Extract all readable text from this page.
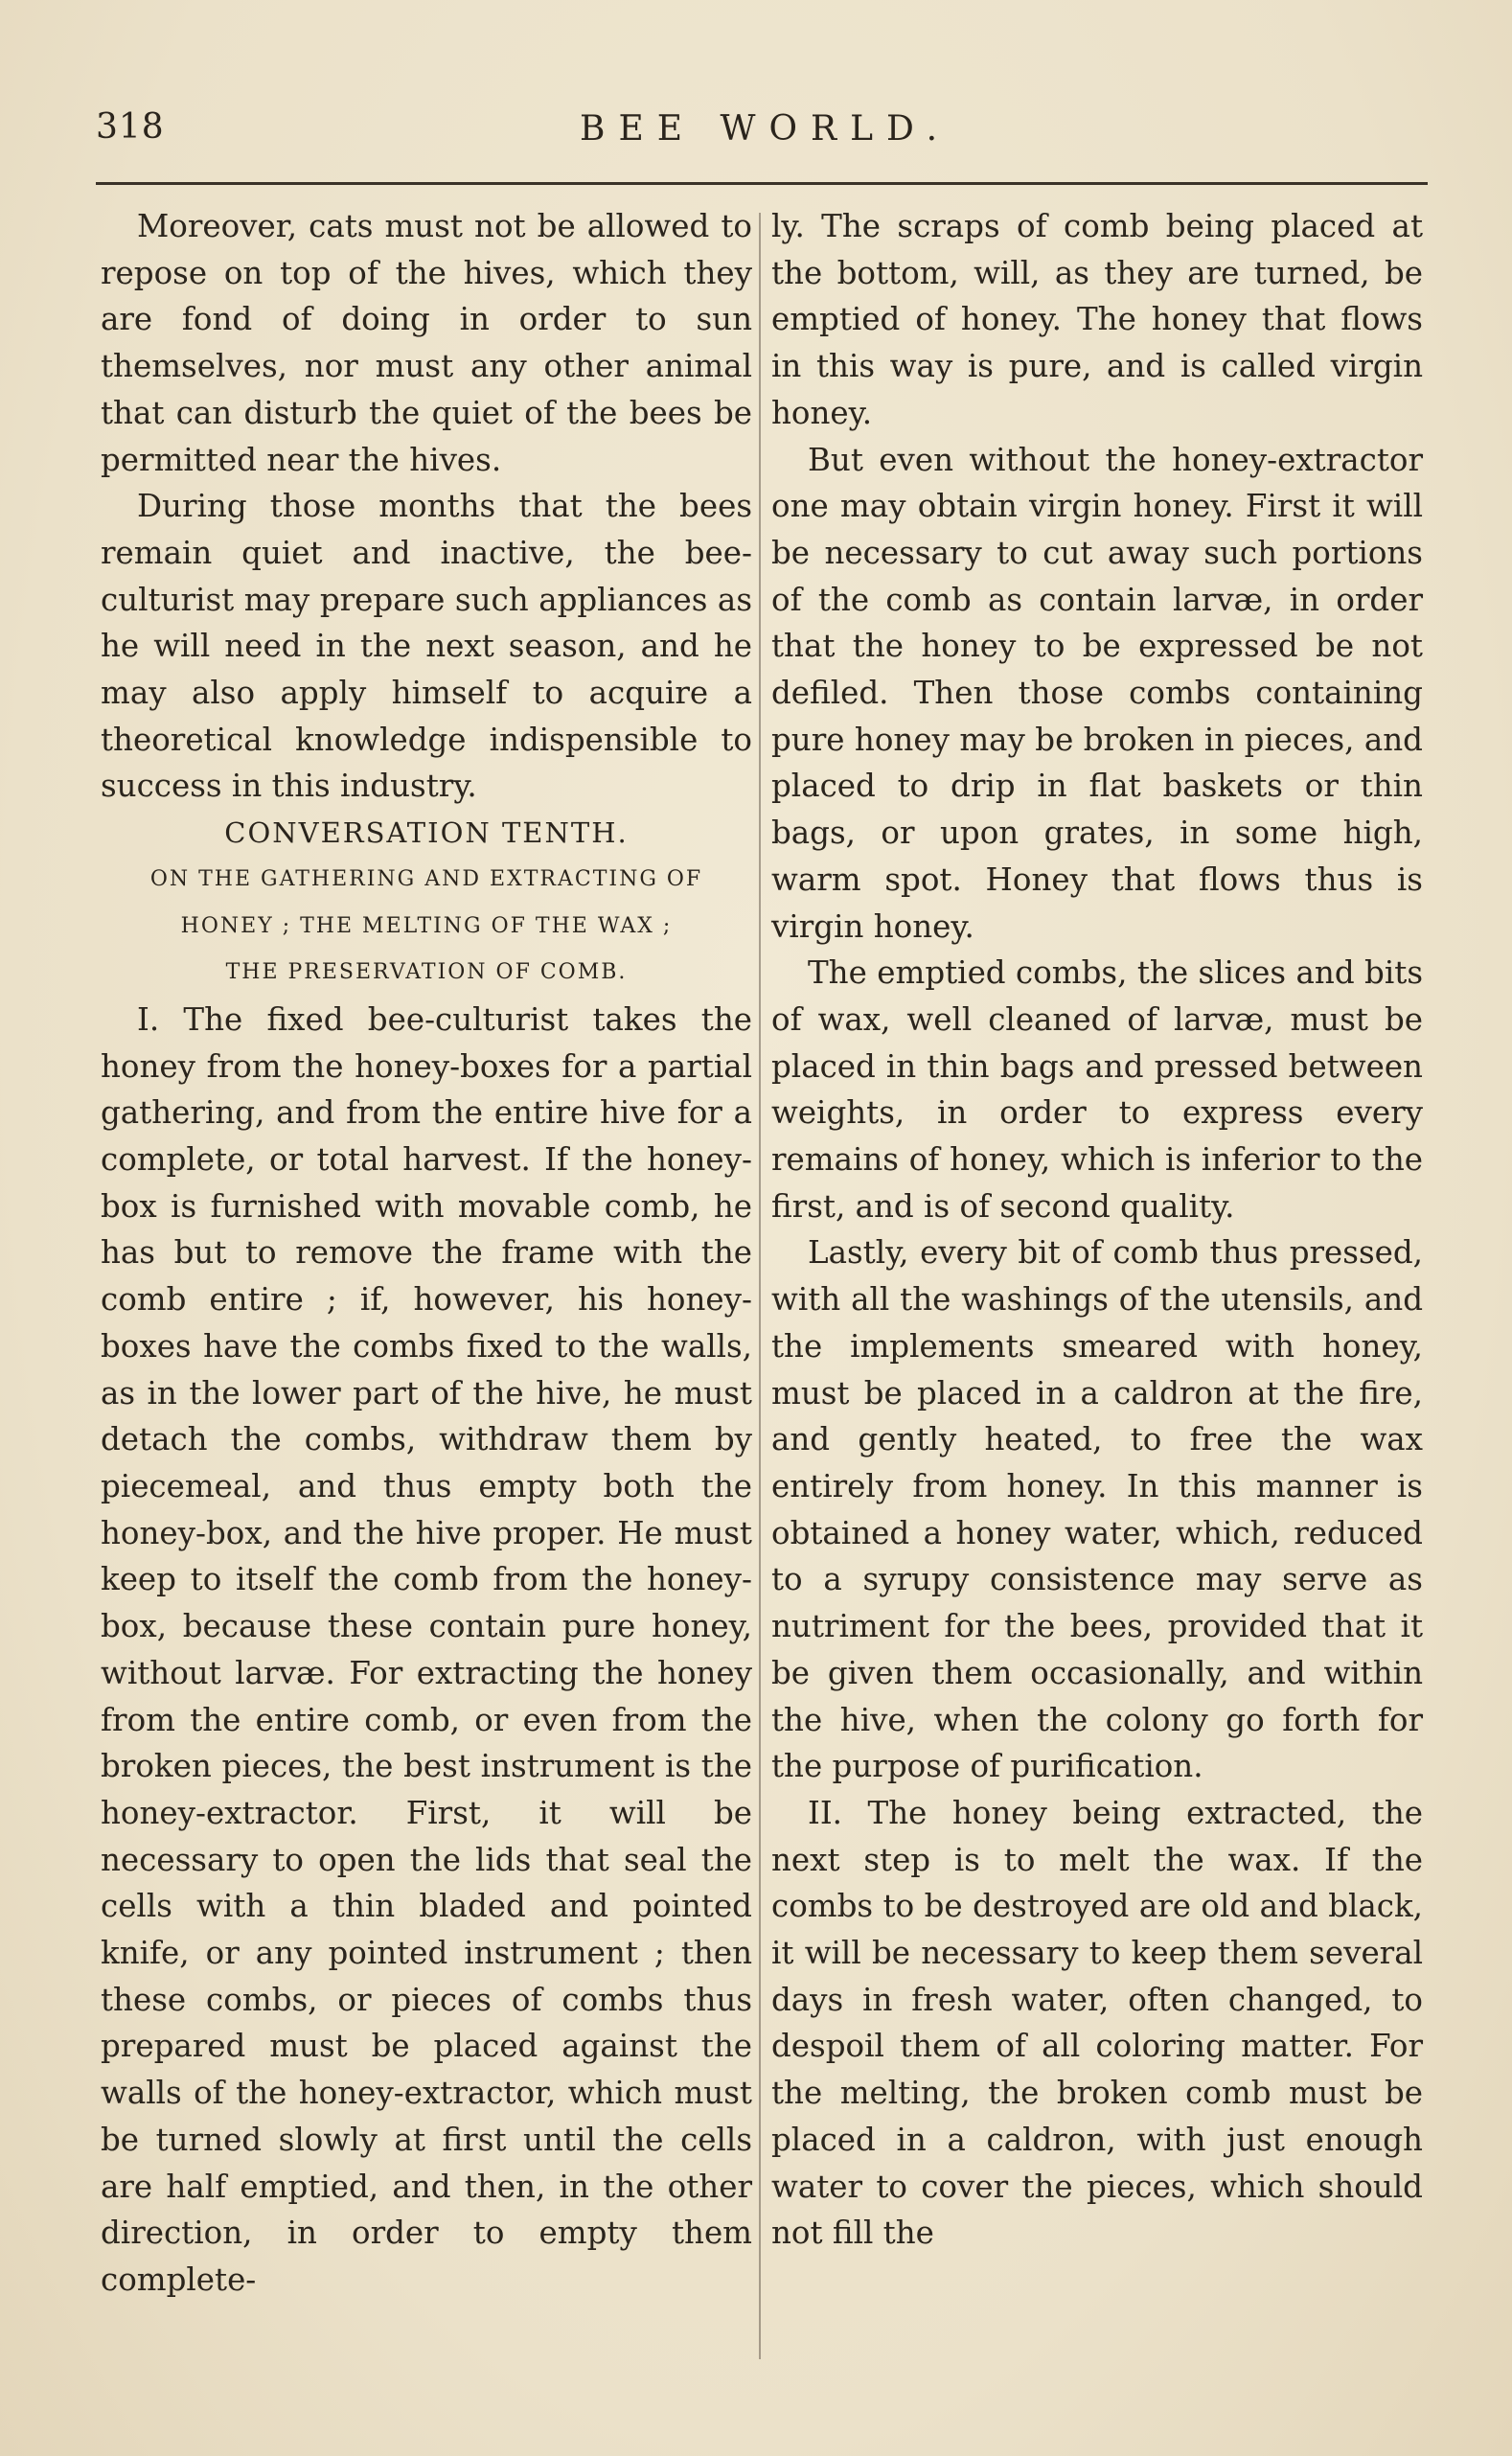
318	BEE WORLD.

Moreover, cats must not be allowed to repose on top of the hives, which they are fond of doing in order to sun themselves, nor must any other animal that can disturb the quiet of the bees be permitted near the hives.

During those months that the bees remain quiet and inactive, the bee-culturist may prepare such appliances as he will need in the next season, and he may also apply himself to acquire a theoretical knowledge indispensible to success in this industry.

CONVERSATION TENTH.

ON THE GATHERING AND EXTRACTING OF

HONEY ; THE MELTING OF THE WAX ;

THE PRESERVATION OF COMB.

I. The fixed bee-culturist takes the honey from the honey-boxes for a partial gathering, and from the entire hive for a complete, or total harvest. If the honey-box is furnished with movable comb, he has but to remove the frame with the comb entire ; if, however, his honey-boxes have the combs fixed to the walls, as in the lower part of the hive, he must detach the combs, withdraw them by piecemeal, and thus empty both the honey-box, and the hive proper. He must keep to itself the comb from the honey-box, because these contain pure honey, without larvæ. For extracting the honey from the entire comb, or even from the broken pieces, the best instrument is the honey-extractor. First, it will be necessary to open the lids that seal the cells with a thin bladed and pointed knife, or any pointed instrument ; then these combs, or pieces of combs thus prepared must be placed against the walls of the honey-extractor, which must be turned slowly at first until the cells are half emptied, and then, in the other direction, in order to empty them complete-

ly. The scraps of comb being placed at the bottom, will, as they are turned, be emptied of honey. The honey that flows in this way is pure, and is called virgin honey.

But even without the honey-extractor one may obtain virgin honey. First it will be necessary to cut away such portions of the comb as contain larvæ, in order that the honey to be expressed be not defiled. Then those combs containing pure honey may be broken in pieces, and placed to drip in flat baskets or thin bags, or upon grates, in some high, warm spot. Honey that flows thus is virgin honey.

The emptied combs, the slices and bits of wax, well cleaned of larvæ, must be placed in thin bags and pressed between weights, in order to express every remains of honey, which is inferior to the first, and is of second quality.

Lastly, every bit of comb thus pressed, with all the washings of the utensils, and the implements smeared with honey, must be placed in a caldron at the fire, and gently heated, to free the wax entirely from honey. In this manner is obtained a honey water, which, reduced to a syrupy consistence may serve as nutriment for the bees, provided that it be given them occasionally, and within the hive, when the colony go forth for the purpose of purification.

II. The honey being extracted, the next step is to melt the wax. If the combs to be destroyed are old and black, it will be necessary to keep them several days in fresh water, often changed, to despoil them of all coloring matter. For the melting, the broken comb must be placed in a caldron, with just enough water to cover the pieces, which should not fill the
